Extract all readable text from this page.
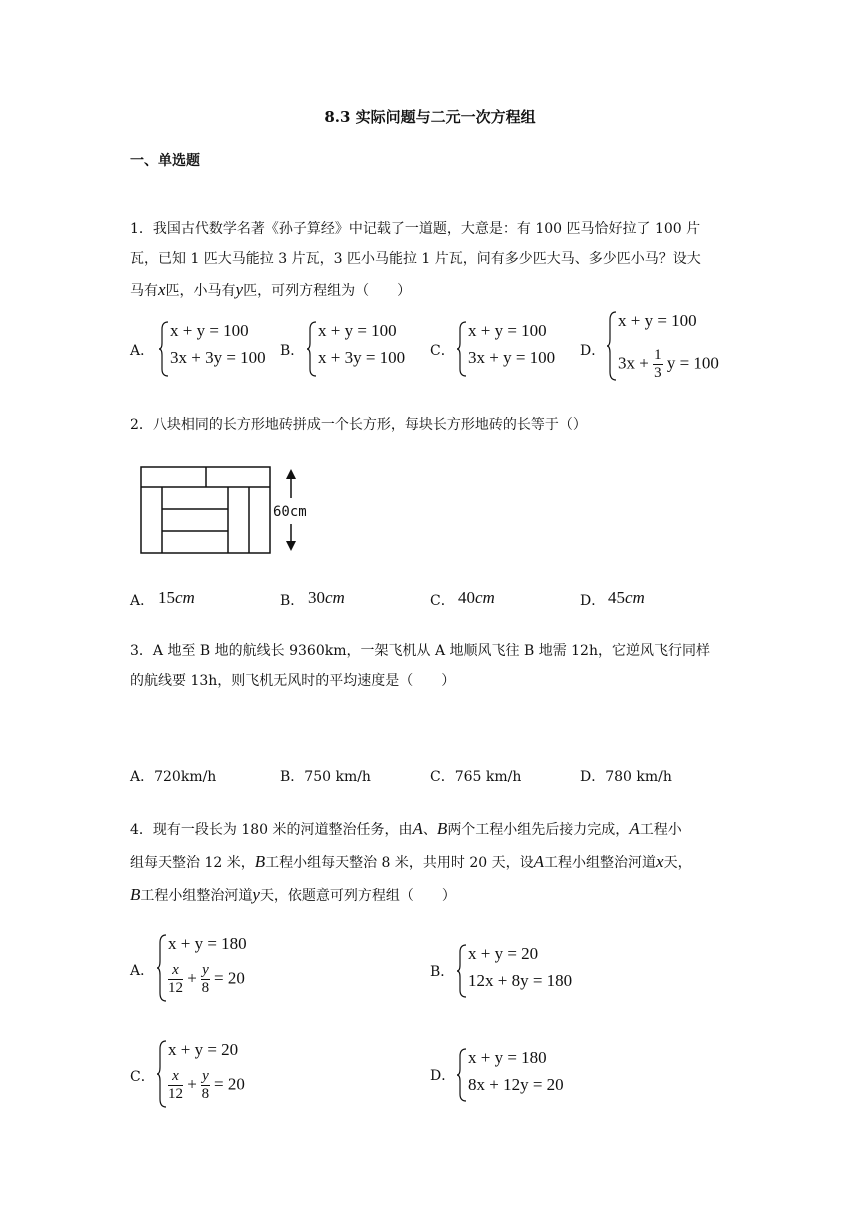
8.3 实际问题与二元一次方程组
一、单选题
1．我国古代数学名著《孙子算经》中记载了一道题，大意是：有 100 匹马恰好拉了 100 片
瓦，已知 1 匹大马能拉 3 片瓦，3 匹小马能拉 1 片瓦，问有多少匹大马、多少匹小马？设大
马有x匹，小马有y匹，可列方程组为（　　）
A．
x + y = 100
3x + 3y = 100 B．
x + y = 100
x + 3y = 100 C．
x + y = 100
3x + y = 100 D．
x + y = 100
$3x + \frac{1}{3}$ y = 100
2．八块相同的长方形地砖拼成一个长方形，每块长方形地砖的长等于（）
60cm
A． 15cm	B． 30cm	C． 40cm	D． 45cm
3．A 地至 B 地的航线长 9360km，一架飞机从 A 地顺风飞往 B 地需 12h，它逆风飞行同样
的航线要 13h，则飞机无风时的平均速度是（　　）
A．720km/h	B．750 km/h	C．765 km/h	D．780 km/h
4．现有一段长为 180 米的河道整治任务，由A、B两个工程小组先后接力完成，A工程小
组每天整治 12 米，B工程小组每天整治 8 米，共用时 20 天，设A工程小组整治河道x天，
B工程小组整治河道y天，依题意可列方程组（　　）
A．
x + y = 180
$\frac{x}{12} + \frac{y}{8} = 20$	B．
x + y = 20
12x + 8y = 180
C．
x + y = 20
$\frac{x}{12} + \frac{y}{8} = 20$	D．
x + y = 180
8x + 12y = 20
